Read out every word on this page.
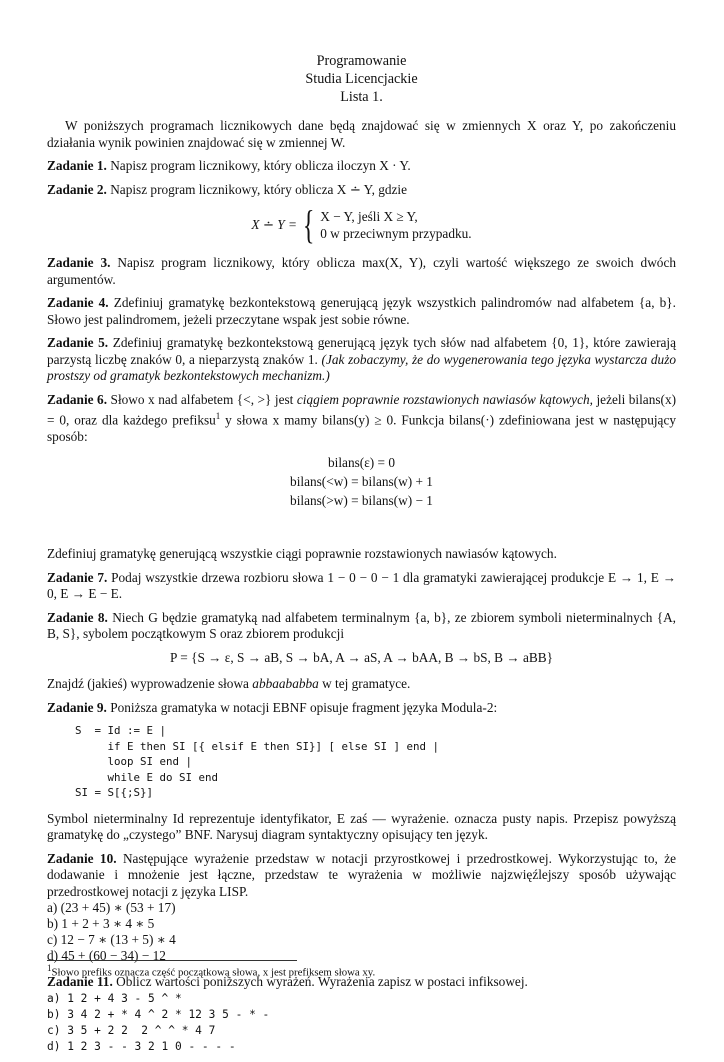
Programowanie
Studia Licencjackie
Lista 1.

W poniższych programach licznikowych dane będą znajdować się w zmiennych X oraz Y, po zakończeniu działania wynik powinien znajdować się w zmiennej W.

Zadanie 1. Napisz program licznikowy, który oblicza iloczyn X · Y.

Zadanie 2. Napisz program licznikowy, który oblicza X ∸ Y, gdzie

X ∸ Y = { X − Y, jeśli X ≥ Y,
0 w przeciwnym przypadku.

Zadanie 3. Napisz program licznikowy, który oblicza max(X, Y), czyli wartość większego ze swoich dwóch argumentów.

Zadanie 4. Zdefiniuj gramatykę bezkontekstową generującą język wszystkich palindromów nad alfabetem {a, b}. Słowo jest palindromem, jeżeli przeczytane wspak jest sobie równe.

Zadanie 5. Zdefiniuj gramatykę bezkontekstową generującą język tych słów nad alfabetem {0, 1}, które zawierają parzystą liczbę znaków 0, a nieparzystą znaków 1. (Jak zobaczymy, że do wygenerowania tego języka wystarcza dużo prostszy od gramatyk bezkontekstowych mechanizm.)

Zadanie 6. Słowo x nad alfabetem {<, >} jest ciągiem poprawnie rozstawionych nawiasów kątowych, jeżeli bilans(x) = 0, oraz dla każdego prefiksu$^1$ y słowa x mamy bilans(y) ≥ 0. Funkcja bilans(·) zdefiniowana jest w następujący sposób:

bilans(ε) = 0
bilans(<w) = bilans(w) + 1
bilans(>w) = bilans(w) − 1

Zdefiniuj gramatykę generującą wszystkie ciągi poprawnie rozstawionych nawiasów kątowych.

Zadanie 7. Podaj wszystkie drzewa rozbioru słowa 1 − 0 − 0 − 1 dla gramatyki zawierającej produkcje E → 1, E → 0, E → E − E.

Zadanie 8. Niech G będzie gramatyką nad alfabetem terminalnym {a, b}, ze zbiorem symboli nieterminalnych {A, B, S}, sybolem początkowym S oraz zbiorem produkcji

P = {S → ε, S → aB, S → bA, A → aS, A → bAA, B → bS, B → aBB}

Znajdź (jakieś) wyprowadzenie słowa abbaababba w tej gramatyce.

Zadanie 9. Poniższa gramatyka w notacji EBNF opisuje fragment języka Modula-2:

S  = Id := E |
if E then SI [{ elsif E then SI}] [ else SI ] end |
loop SI end |
while E do SI end
SI = S[{;S}]

Symbol nieterminalny Id reprezentuje identyfikator, E zaś — wyrażenie. oznacza pusty napis. Przepisz powyższą gramatykę do „czystego” BNF. Narysuj diagram syntaktyczny opisujący ten język.

Zadanie 10. Następujące wyrażenie przedstaw w notacji przyrostkowej i przedrostkowej. Wykorzystując to, że dodawanie i mnożenie jest łączne, przedstaw te wyrażenia w możliwie najzwięźlejszy sposób używając przedrostkowej notacji z języka LISP.

a) (23 + 45) ∗ (53 + 17)
b) 1 + 2 + 3 ∗ 4 ∗ 5
c) 12 − 7 ∗ (13 + 5) ∗ 4
d) 45 + (60 − 34) − 12

Zadanie 11. Oblicz wartości poniższych wyrażeń. Wyrażenia zapisz w postaci infiksowej.

a) 1 2 + 4 3 - 5 ^ *
b) 3 4 2 + * 4 ^ 2 * 12 3 5 - * -
c) 3 5 + 2 2  2 ^ ^ * 4 7
d) 1 2 3 - - 3 2 1 0 - - - -
$^1$Słowo prefiks oznacza część początkową słowa, x jest prefiksem słowa xy.
